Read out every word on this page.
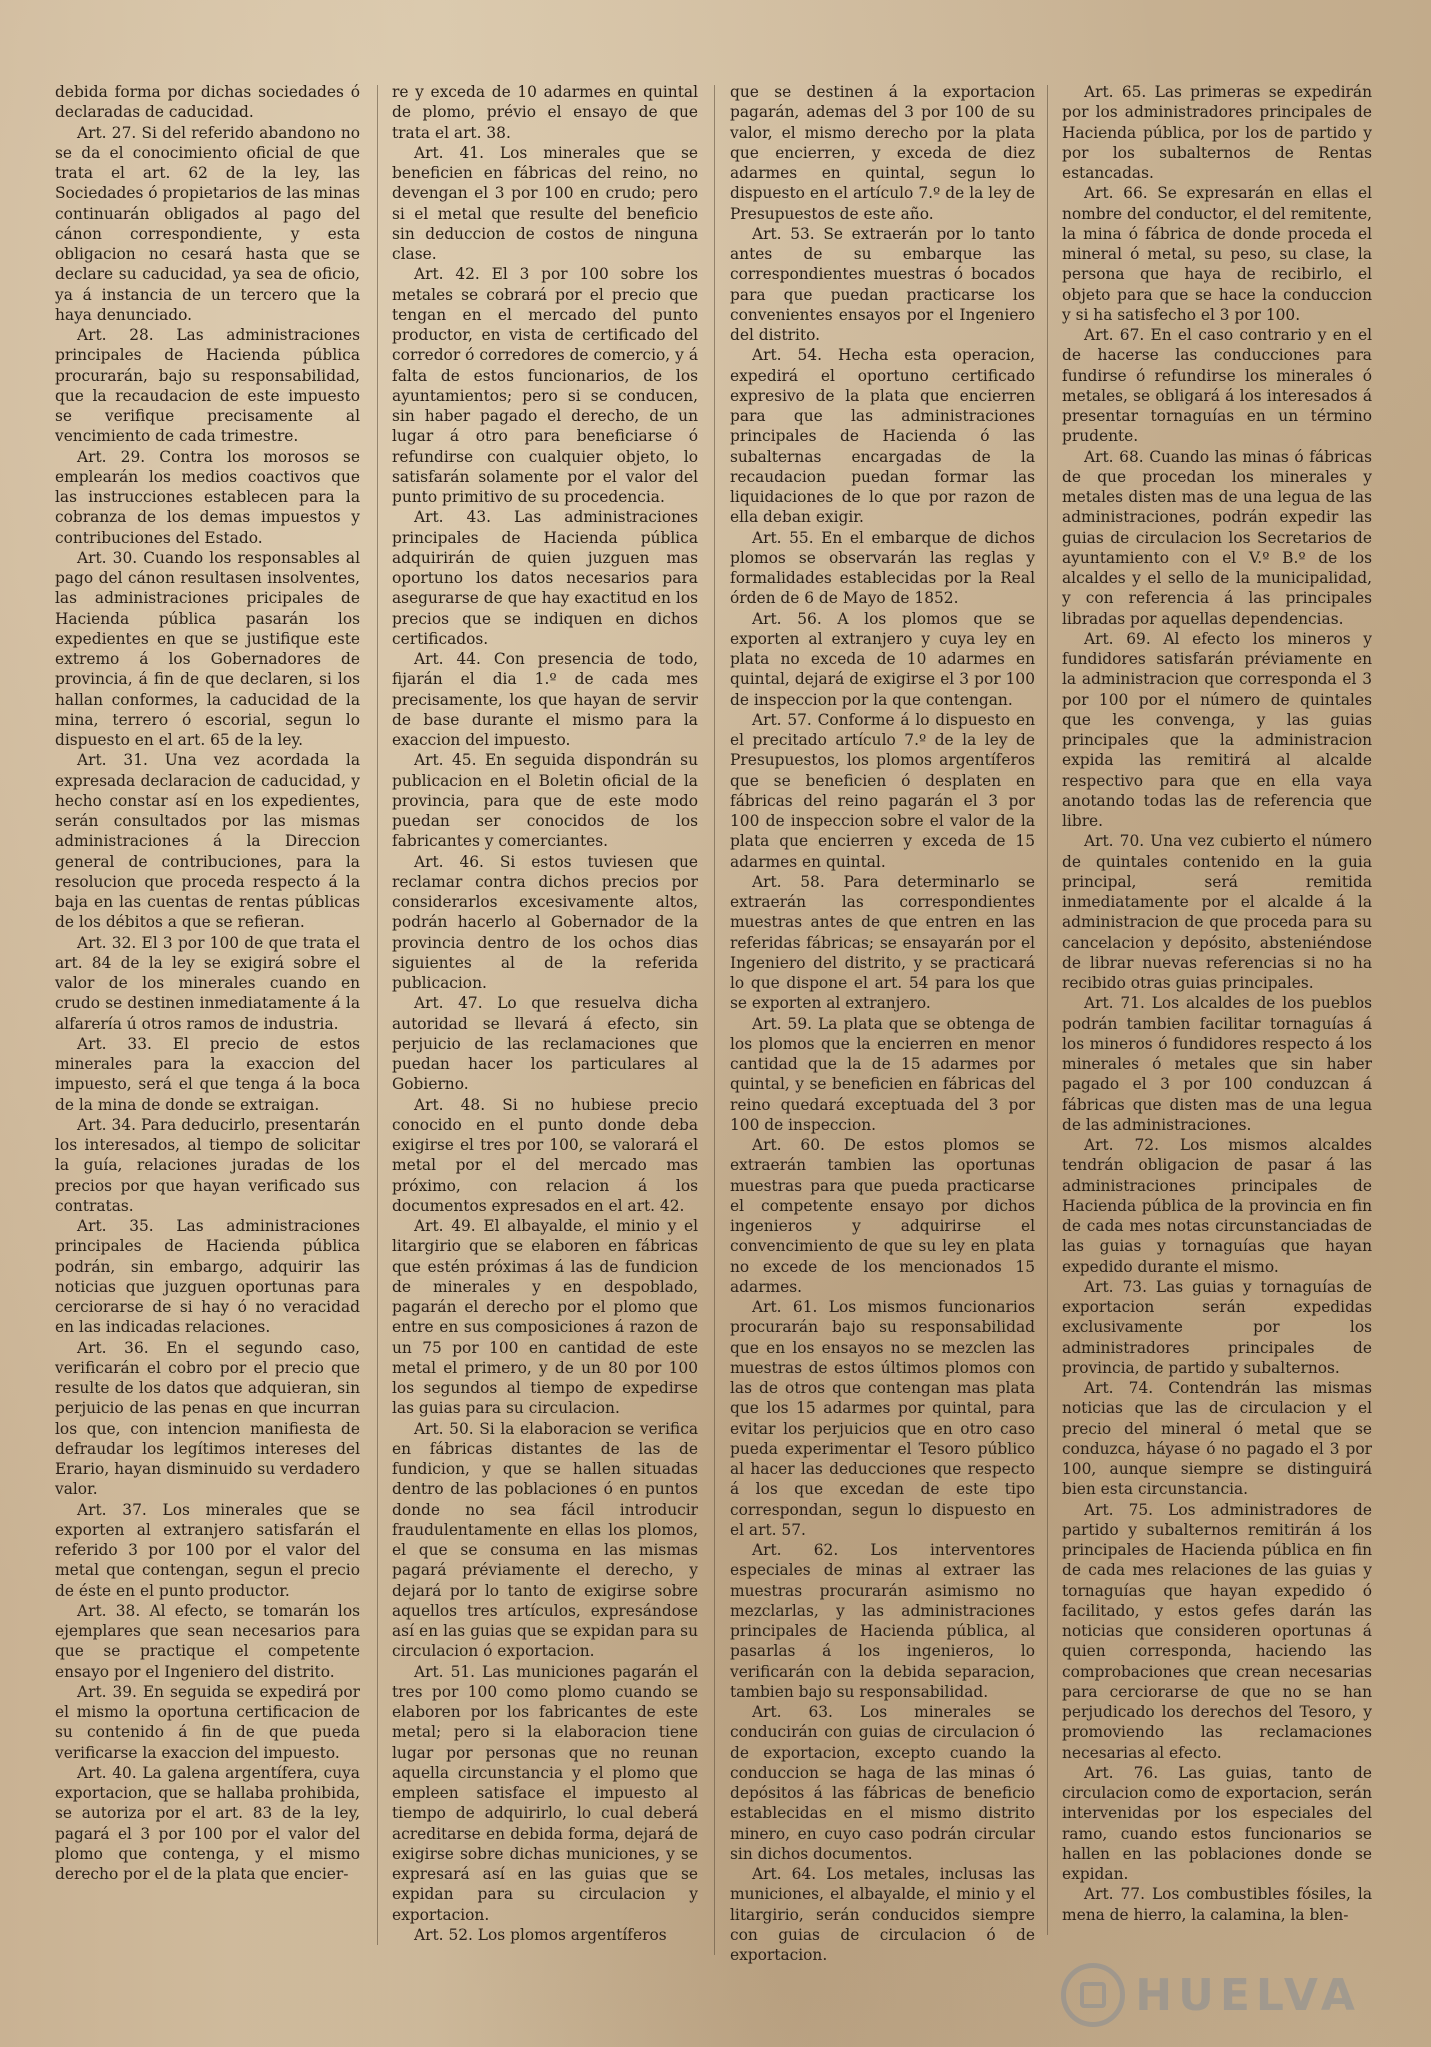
debida forma por dichas sociedades ó declaradas de caducidad.

Art. 27. Si del referido abandono no se da el conocimiento oficial de que trata el art. 62 de la ley, las Sociedades ó propietarios de las minas continuarán obligados al pago del cánon correspondiente, y esta obligacion no cesará hasta que se declare su caducidad, ya sea de oficio, ya á instancia de un tercero que la haya denunciado.

Art. 28. Las administraciones principales de Hacienda pública procurarán, bajo su responsabilidad, que la recaudacion de este impuesto se verifique precisamente al vencimiento de cada trimestre.

Art. 29. Contra los morosos se emplearán los medios coactivos que las instrucciones establecen para la cobranza de los demas impuestos y contribuciones del Estado.

Art. 30. Cuando los responsables al pago del cánon resultasen insolventes, las administraciones pricipales de Hacienda pública pasarán los expedientes en que se justifique este extremo á los Gobernadores de provincia, á fin de que declaren, si los hallan conformes, la caducidad de la mina, terrero ó escorial, segun lo dispuesto en el art. 65 de la ley.

Art. 31. Una vez acordada la expresada declaracion de caducidad, y hecho constar así en los expedientes, serán consultados por las mismas administraciones á la Direccion general de contribuciones, para la resolucion que proceda respecto á la baja en las cuentas de rentas públicas de los débitos a que se refieran.

Art. 32. El 3 por 100 de que trata el art. 84 de la ley se exigirá sobre el valor de los minerales cuando en crudo se destinen inmediatamente á la alfarería ú otros ramos de industria.

Art. 33. El precio de estos minerales para la exaccion del impuesto, será el que tenga á la boca de la mina de donde se extraigan.

Art. 34. Para deducirlo, presentarán los interesados, al tiempo de solicitar la guía, relaciones juradas de los precios por que hayan verificado sus contratas.

Art. 35. Las administraciones principales de Hacienda pública podrán, sin embargo, adquirir las noticias que juzguen oportunas para cerciorarse de si hay ó no veracidad en las indicadas relaciones.

Art. 36. En el segundo caso, verificarán el cobro por el precio que resulte de los datos que adquieran, sin perjuicio de las penas en que incurran los que, con intencion manifiesta de defraudar los legítimos intereses del Erario, hayan disminuido su verdadero valor.

Art. 37. Los minerales que se exporten al extranjero satisfarán el referido 3 por 100 por el valor del metal que contengan, segun el precio de éste en el punto productor.

Art. 38. Al efecto, se tomarán los ejemplares que sean necesarios para que se practique el competente ensayo por el Ingeniero del distrito.

Art. 39. En seguida se expedirá por el mismo la oportuna certificacion de su contenido á fin de que pueda verificarse la exaccion del impuesto.

Art. 40. La galena argentífera, cuya exportacion, que se hallaba prohibida, se autoriza por el art. 83 de la ley, pagará el 3 por 100 por el valor del plomo que contenga, y el mismo derecho por el de la plata que encier-

re y exceda de 10 adarmes en quintal de plomo, prévio el ensayo de que trata el art. 38.

Art. 41. Los minerales que se beneficien en fábricas del reino, no devengan el 3 por 100 en crudo; pero si el metal que resulte del beneficio sin deduccion de costos de ninguna clase.

Art. 42. El 3 por 100 sobre los metales se cobrará por el precio que tengan en el mercado del punto productor, en vista de certificado del corredor ó corredores de comercio, y á falta de estos funcionarios, de los ayuntamientos; pero si se conducen, sin haber pagado el derecho, de un lugar á otro para beneficiarse ó refundirse con cualquier objeto, lo satisfarán solamente por el valor del punto primitivo de su procedencia.

Art. 43. Las administraciones principales de Hacienda pública adquirirán de quien juzguen mas oportuno los datos necesarios para asegurarse de que hay exactitud en los precios que se indiquen en dichos certificados.

Art. 44. Con presencia de todo, fijarán el dia 1.º de cada mes precisamente, los que hayan de servir de base durante el mismo para la exaccion del impuesto.

Art. 45. En seguida dispondrán su publicacion en el Boletin oficial de la provincia, para que de este modo puedan ser conocidos de los fabricantes y comerciantes.

Art. 46. Si estos tuviesen que reclamar contra dichos precios por considerarlos excesivamente altos, podrán hacerlo al Gobernador de la provincia dentro de los ochos dias siguientes al de la referida publicacion.

Art. 47. Lo que resuelva dicha autoridad se llevará á efecto, sin perjuicio de las reclamaciones que puedan hacer los particulares al Gobierno.

Art. 48. Si no hubiese precio conocido en el punto donde deba exigirse el tres por 100, se valorará el metal por el del mercado mas próximo, con relacion á los documentos expresados en el art. 42.

Art. 49. El albayalde, el minio y el litargirio que se elaboren en fábricas que estén próximas á las de fundicion de minerales y en despoblado, pagarán el derecho por el plomo que entre en sus composiciones á razon de un 75 por 100 en cantidad de este metal el primero, y de un 80 por 100 los segundos al tiempo de expedirse las guias para su circulacion.

Art. 50. Si la elaboracion se verifica en fábricas distantes de las de fundicion, y que se hallen situadas dentro de las poblaciones ó en puntos donde no sea fácil introducir fraudulentamente en ellas los plomos, el que se consuma en las mismas pagará préviamente el derecho, y dejará por lo tanto de exigirse sobre aquellos tres artículos, expresándose así en las guias que se expidan para su circulacion ó exportacion.

Art. 51. Las municiones pagarán el tres por 100 como plomo cuando se elaboren por los fabricantes de este metal; pero si la elaboracion tiene lugar por personas que no reunan aquella circunstancia y el plomo que empleen satisface el impuesto al tiempo de adquirirlo, lo cual deberá acreditarse en debida forma, dejará de exigirse sobre dichas municiones, y se expresará así en las guias que se expidan para su circulacion y exportacion.

Art. 52. Los plomos argentíferos

que se destinen á la exportacion pagarán, ademas del 3 por 100 de su valor, el mismo derecho por la plata que encierren, y exceda de diez adarmes en quintal, segun lo dispuesto en el artículo 7.º de la ley de Presupuestos de este año.

Art. 53. Se extraerán por lo tanto antes de su embarque las correspondientes muestras ó bocados para que puedan practicarse los convenientes ensayos por el Ingeniero del distrito.

Art. 54. Hecha esta operacion, expedirá el oportuno certificado expresivo de la plata que encierren para que las administraciones principales de Hacienda ó las subalternas encargadas de la recaudacion puedan formar las liquidaciones de lo que por razon de ella deban exigir.

Art. 55. En el embarque de dichos plomos se observarán las reglas y formalidades establecidas por la Real órden de 6 de Mayo de 1852.

Art. 56. A los plomos que se exporten al extranjero y cuya ley en plata no exceda de 10 adarmes en quintal, dejará de exigirse el 3 por 100 de inspeccion por la que contengan.

Art. 57. Conforme á lo dispuesto en el precitado artículo 7.º de la ley de Presupuestos, los plomos argentíferos que se beneficien ó desplaten en fábricas del reino pagarán el 3 por 100 de inspeccion sobre el valor de la plata que encierren y exceda de 15 adarmes en quintal.

Art. 58. Para determinarlo se extraerán las correspondientes muestras antes de que entren en las referidas fábricas; se ensayarán por el Ingeniero del distrito, y se practicará lo que dispone el art. 54 para los que se exporten al extranjero.

Art. 59. La plata que se obtenga de los plomos que la encierren en menor cantidad que la de 15 adarmes por quintal, y se beneficien en fábricas del reino quedará exceptuada del 3 por 100 de inspeccion.

Art. 60. De estos plomos se extraerán tambien las oportunas muestras para que pueda practicarse el competente ensayo por dichos ingenieros y adquirirse el convencimiento de que su ley en plata no excede de los mencionados 15 adarmes.

Art. 61. Los mismos funcionarios procurarán bajo su responsabilidad que en los ensayos no se mezclen las muestras de estos últimos plomos con las de otros que contengan mas plata que los 15 adarmes por quintal, para evitar los perjuicios que en otro caso pueda experimentar el Tesoro público al hacer las deducciones que respecto á los que excedan de este tipo correspondan, segun lo dispuesto en el art. 57.

Art. 62. Los interventores especiales de minas al extraer las muestras procurarán asimismo no mezclarlas, y las administraciones principales de Hacienda pública, al pasarlas á los ingenieros, lo verificarán con la debida separacion, tambien bajo su responsabilidad.

Art. 63. Los minerales se conducirán con guias de circulacion ó de exportacion, excepto cuando la conduccion se haga de las minas ó depósitos á las fábricas de beneficio establecidas en el mismo distrito minero, en cuyo caso podrán circular sin dichos documentos.

Art. 64. Los metales, inclusas las municiones, el albayalde, el minio y el litargirio, serán conducidos siempre con guias de circulacion ó de exportacion.

Art. 65. Las primeras se expedirán por los administradores principales de Hacienda pública, por los de partido y por los subalternos de Rentas estancadas.

Art. 66. Se expresarán en ellas el nombre del conductor, el del remitente, la mina ó fábrica de donde proceda el mineral ó metal, su peso, su clase, la persona que haya de recibirlo, el objeto para que se hace la conduccion y si ha satisfecho el 3 por 100.

Art. 67. En el caso contrario y en el de hacerse las conducciones para fundirse ó refundirse los minerales ó metales, se obligará á los interesados á presentar tornaguías en un término prudente.

Art. 68. Cuando las minas ó fábricas de que procedan los minerales y metales disten mas de una legua de las administraciones, podrán expedir las guias de circulacion los Secretarios de ayuntamiento con el V.º B.º de los alcaldes y el sello de la municipalidad, y con referencia á las principales libradas por aquellas dependencias.

Art. 69. Al efecto los mineros y fundidores satisfarán préviamente en la administracion que corresponda el 3 por 100 por el número de quintales que les convenga, y las guias principales que la administracion expida las remitirá al alcalde respectivo para que en ella vaya anotando todas las de referencia que libre.

Art. 70. Una vez cubierto el número de quintales contenido en la guia principal, será remitida inmediatamente por el alcalde á la administracion de que proceda para su cancelacion y depósito, absteniéndose de librar nuevas referencias si no ha recibido otras guias principales.

Art. 71. Los alcaldes de los pueblos podrán tambien facilitar tornaguías á los mineros ó fundidores respecto á los minerales ó metales que sin haber pagado el 3 por 100 conduzcan á fábricas que disten mas de una legua de las administraciones.

Art. 72. Los mismos alcaldes tendrán obligacion de pasar á las administraciones principales de Hacienda pública de la provincia en fin de cada mes notas circunstanciadas de las guias y tornaguías que hayan expedido durante el mismo.

Art. 73. Las guias y tornaguías de exportacion serán expedidas exclusivamente por los administradores principales de provincia, de partido y subalternos.

Art. 74. Contendrán las mismas noticias que las de circulacion y el precio del mineral ó metal que se conduzca, háyase ó no pagado el 3 por 100, aunque siempre se distinguirá bien esta circunstancia.

Art. 75. Los administradores de partido y subalternos remitirán á los principales de Hacienda pública en fin de cada mes relaciones de las guias y tornaguías que hayan expedido ó facilitado, y estos gefes darán las noticias que consideren oportunas á quien corresponda, haciendo las comprobaciones que crean necesarias para cerciorarse de que no se han perjudicado los derechos del Tesoro, y promoviendo las reclamaciones necesarias al efecto.

Art. 76. Las guias, tanto de circulacion como de exportacion, serán intervenidas por los especiales del ramo, cuando estos funcionarios se hallen en las poblaciones donde se expidan.

Art. 77. Los combustibles fósiles, la mena de hierro, la calamina, la blen-

HUELVA
